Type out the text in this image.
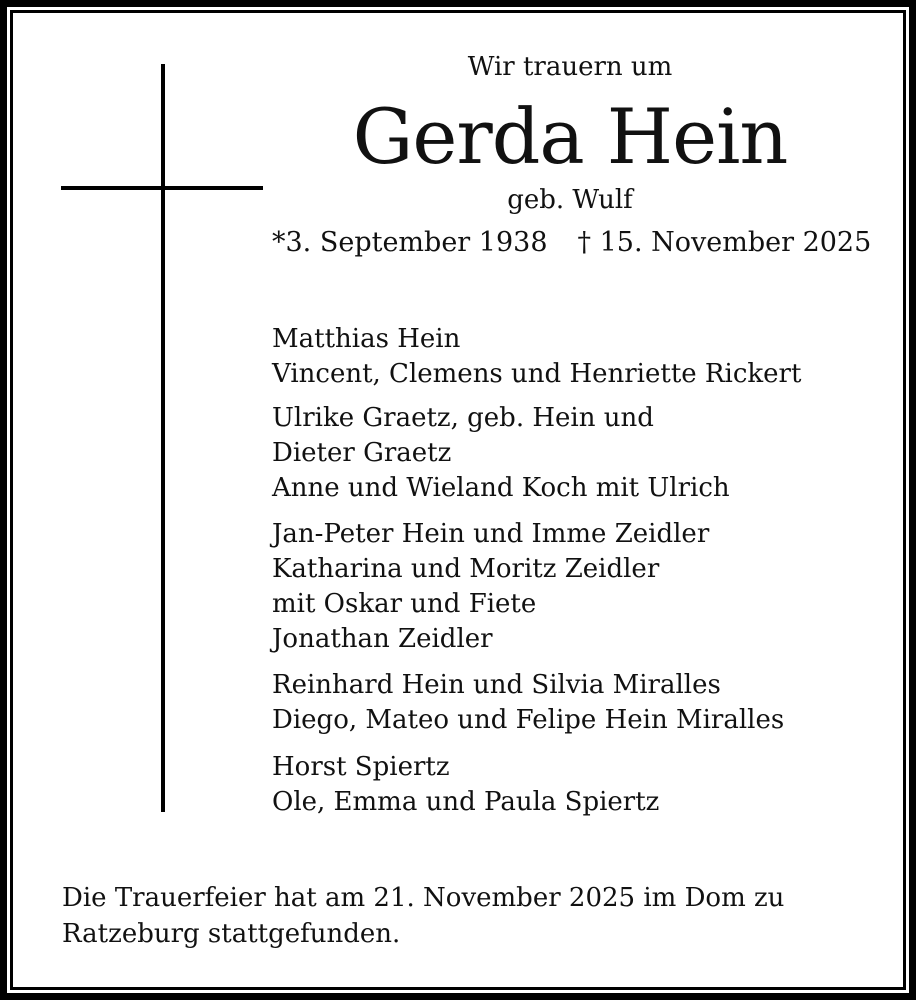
Wir trauern um
Gerda Hein
geb. Wulf
*3. September 1938 † 15. November 2025
Matthias Hein
Vincent, Clemens und Henriette Rickert
Ulrike Graetz, geb. Hein und
Dieter Graetz
Anne und Wieland Koch mit Ulrich
Jan-Peter Hein und Imme Zeidler
Katharina und Moritz Zeidler
mit Oskar und Fiete
Jonathan Zeidler
Reinhard Hein und Silvia Miralles
Diego, Mateo und Felipe Hein Miralles
Horst Spiertz
Ole, Emma und Paula Spiertz
Die Trauerfeier hat am 21. November 2025 im Dom zu
Ratzeburg stattgefunden.
